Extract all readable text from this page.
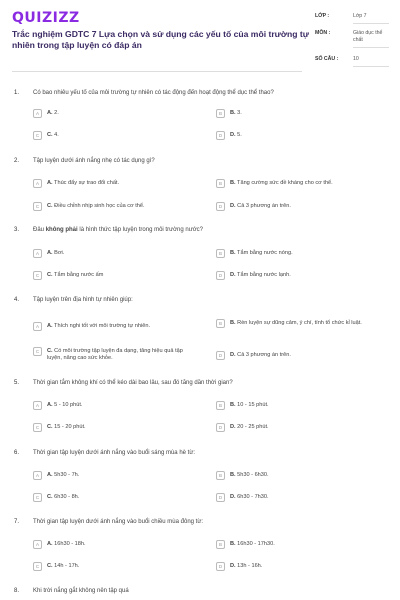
QUIZIZZ
Trắc nghiệm GDTC 7 Lựa chọn và sử dụng các yếu tố của môi trường tự nhiên trong tập luyện có đáp án
LỚP :	Lớp 7
MÔN :	Giáo dục thể chất
SỐ CÂU :	10
1. Có bao nhiêu yếu tố của môi trường tự nhiên có tác động đến hoạt động thể dục thể thao?
A	A. 2.	B	B. 3.
C	C. 4.	D	D. 5.
2. Tập luyện dưới ánh nắng nhẹ có tác dụng gì?
A	A. Thúc đẩy sự trao đổi chất.	B	B. Tăng cường sức đề kháng cho cơ thể.
C	C. Điều chỉnh nhịp sinh học của cơ thể.	D	D. Cả 3 phương án trên.
3. Đâu không phải là hình thức tập luyện trong môi trường nước?
A	A. Bơi.	B	B. Tắm bằng nước nóng.
C	C. Tắm bằng nước ấm	D	D. Tắm bằng nước lạnh.
4. Tập luyện trên địa hình tự nhiên giúp:
A	A. Thích nghi tốt với môi trường tự nhiên.	B	B. Rèn luyện sự dũng cảm, ý chí, tính tổ chức kỉ luật.
C	C. Có môi trường tập luyện đa dạng, tăng hiệu quả tập luyện, nâng cao sức khỏe.	D	D. Cả 3 phương án trên.
5. Thời gian tắm không khí có thể kéo dài bao lâu, sau đó tăng dần thời gian?
A	A. 5 - 10 phút.	B	B. 10 - 15 phút.
C	C. 15 - 20 phút.	D	D. 20 - 25 phút.
6. Thời gian tập luyện dưới ánh nắng vào buổi sáng mùa hè từ:
A	A. 5h30 - 7h.	B	B. 5h30 - 6h30.
C	C. 6h30 - 8h.	D	D. 6h30 - 7h30.
7. Thời gian tập luyện dưới ánh nắng vào buổi chiều mùa đông từ:
A	A. 16h30 - 18h.	B	B. 16h30 - 17h30.
C	C. 14h - 17h.	D	D. 13h - 16h.
8. Khi trời nắng gắt không nên tập quá
